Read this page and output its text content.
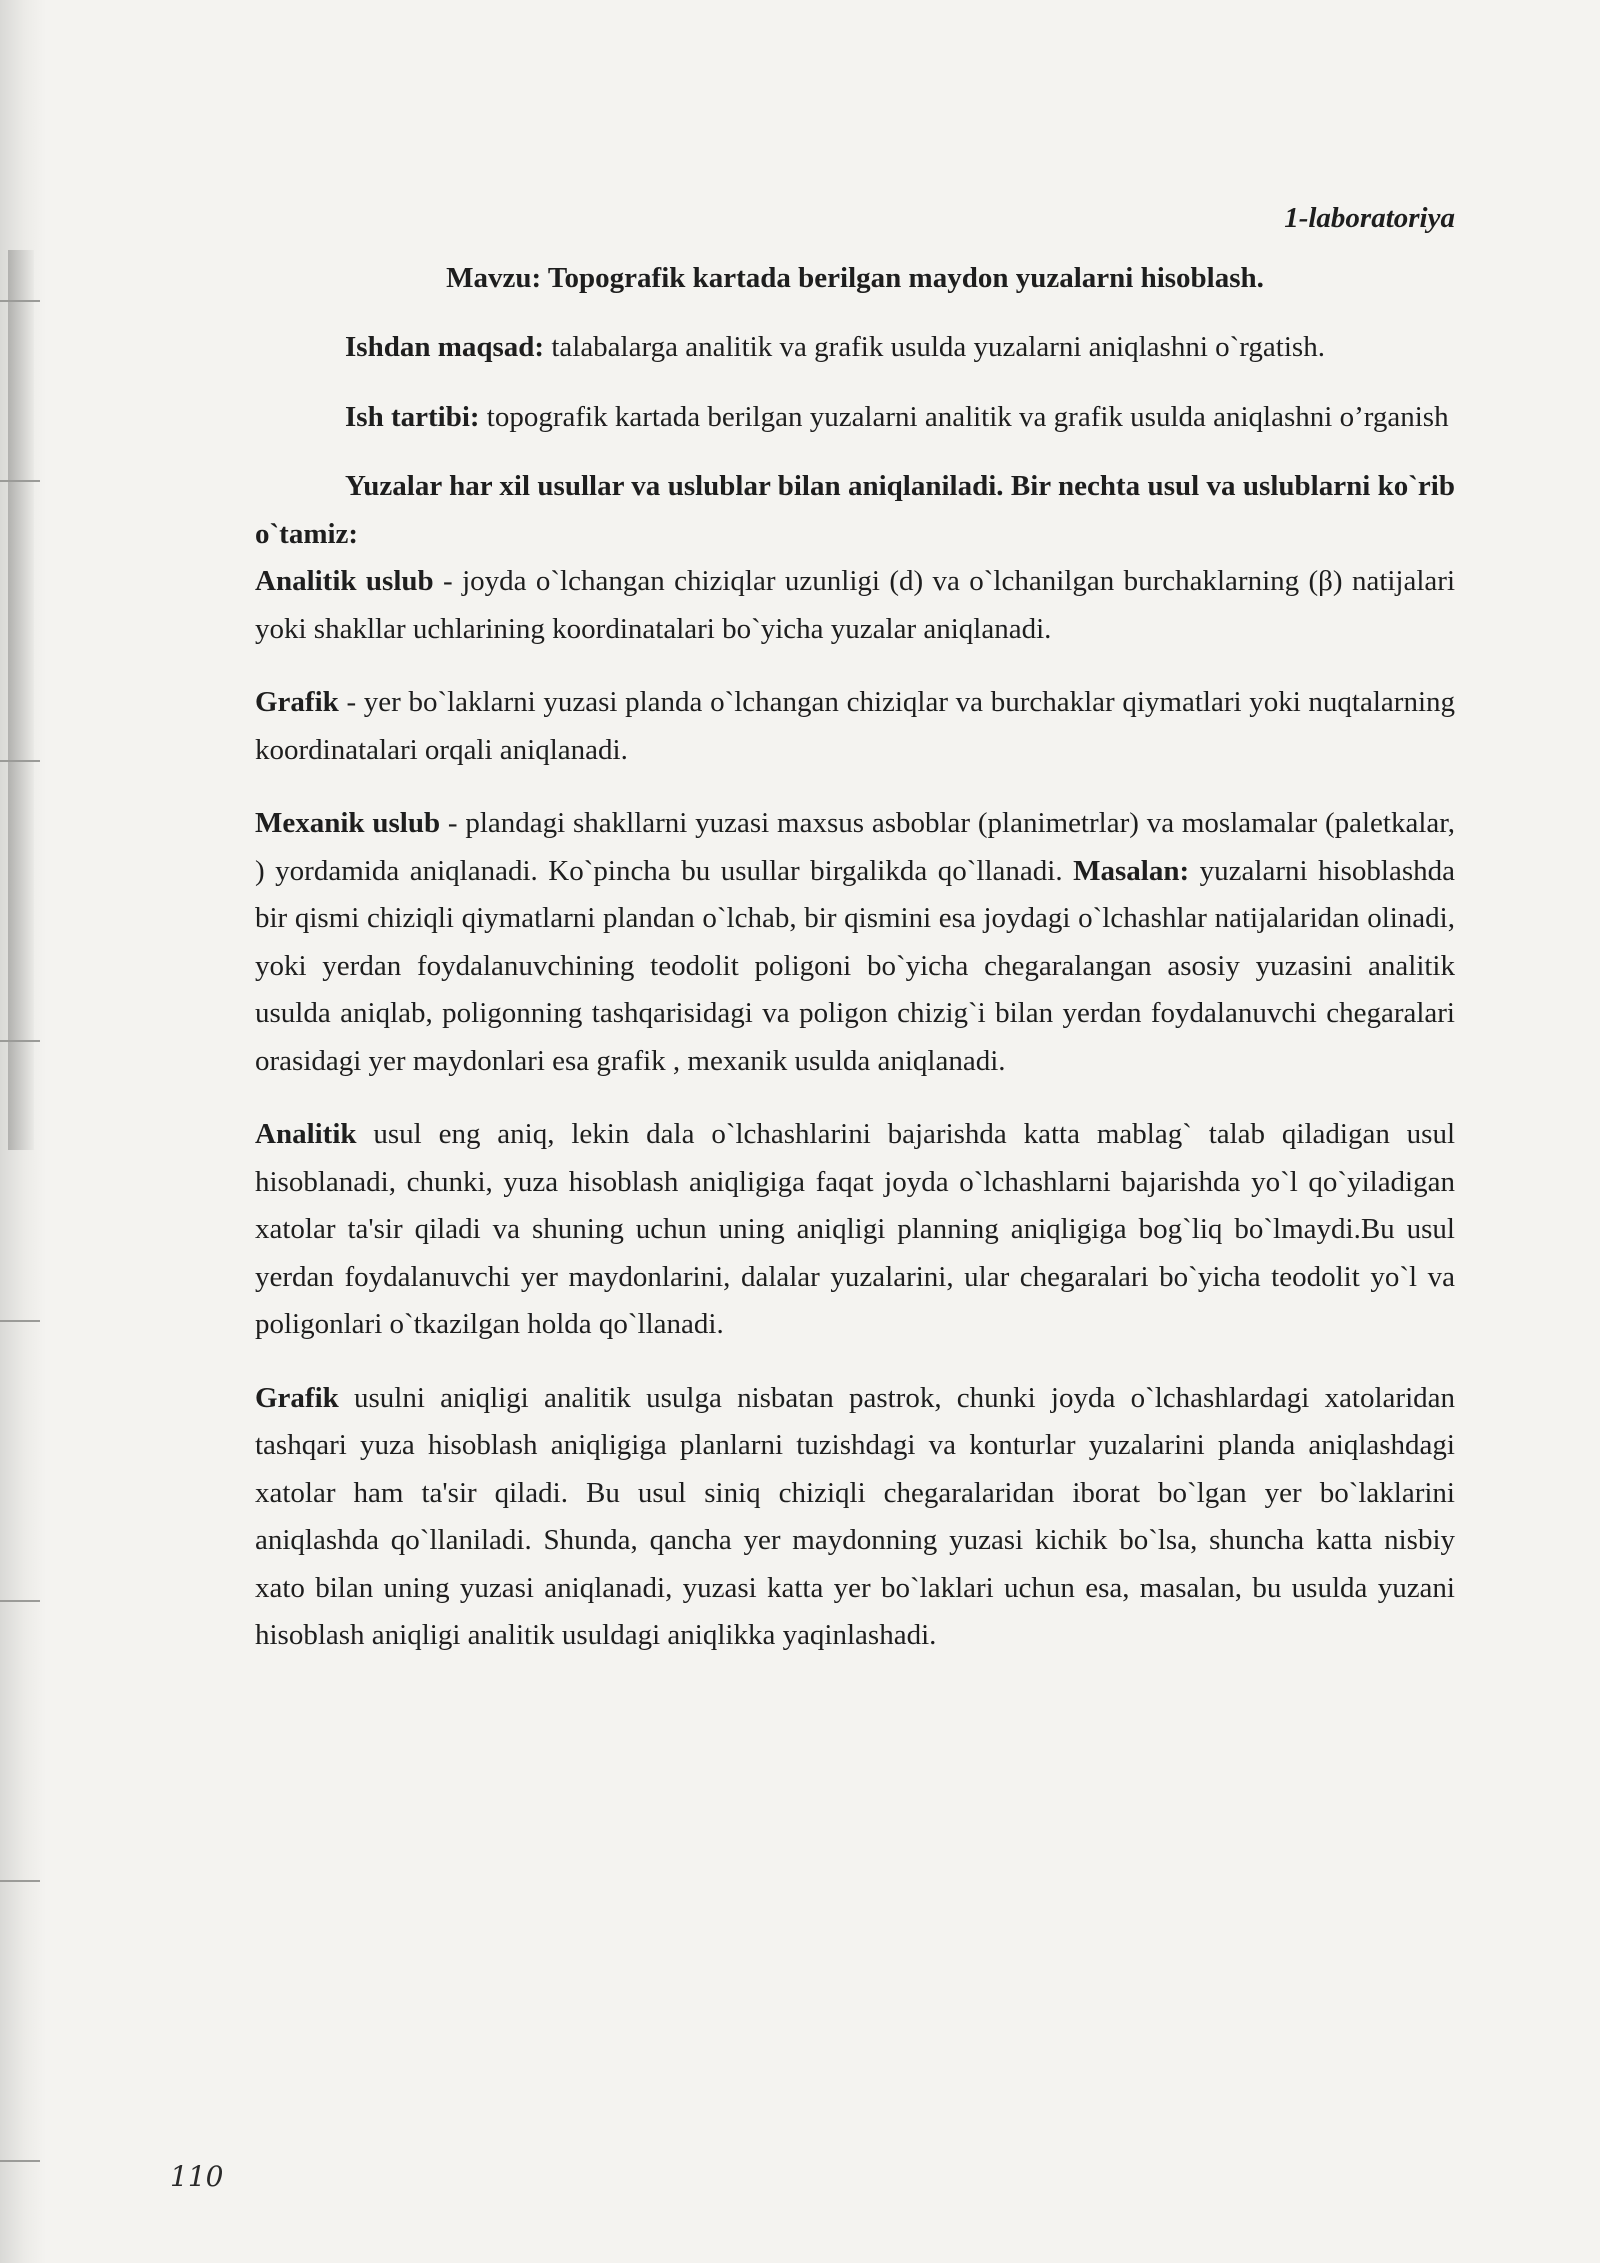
1-laboratoriya

Mavzu: Topografik kartada berilgan maydon yuzalarni hisoblash.

Ishdan maqsad: talabalarga analitik va grafik usulda yuzalarni aniqlashni o`rgatish.

Ish tartibi: topografik kartada berilgan yuzalarni analitik va grafik usulda aniqlashni o’rganish

Yuzalar har xil usullar va uslublar bilan aniqlaniladi. Bir nechta usul va uslublarni ko`rib o`tamiz:

Analitik uslub - joyda o`lchangan chiziqlar uzunligi (d) va o`lchanilgan burchaklarning (β) natijalari yoki shakllar uchlarining koordinatalari bo`yicha yuzalar aniqlanadi.

Grafik - yer bo`laklarni yuzasi planda o`lchangan chiziqlar va burchaklar qiymatlari yoki nuqtalarning koordinatalari orqali aniqlanadi.

Mexanik uslub - plandagi shakllarni yuzasi maxsus asboblar (planimetrlar) va moslamalar (paletkalar, ) yordamida aniqlanadi. Ko`pincha bu usullar birgalikda qo`llanadi. Masalan: yuzalarni hisoblashda bir qismi chiziqli qiymatlarni plandan o`lchab, bir qismini esa joydagi o`lchashlar natijalaridan olinadi, yoki yerdan foydalanuvchining teodolit poligoni bo`yicha chegaralangan asosiy yuzasini analitik usulda aniqlab, poligonning tashqarisidagi va poligon chizig`i bilan yerdan foydalanuvchi chegaralari orasidagi yer maydonlari esa grafik , mexanik usulda aniqlanadi.

Analitik usul eng aniq, lekin dala o`lchashlarini bajarishda katta mablag` talab qiladigan usul hisoblanadi, chunki, yuza hisoblash aniqligiga faqat joyda o`lchashlarni bajarishda yo`l qo`yiladigan xatolar ta'sir qiladi va shuning uchun uning aniqligi planning aniqligiga bog`liq bo`lmaydi.Bu usul yerdan foydalanuvchi yer maydonlarini, dalalar yuzalarini, ular chegaralari bo`yicha teodolit yo`l va poligonlari o`tkazilgan holda qo`llanadi.

Grafik usulni aniqligi analitik usulga nisbatan pastrok, chunki joyda o`lchashlardagi xatolaridan tashqari yuza hisoblash aniqligiga planlarni tuzishdagi va konturlar yuzalarini planda aniqlashdagi xatolar ham ta'sir qiladi. Bu usul siniq chiziqli chegaralaridan iborat bo`lgan yer bo`laklarini aniqlashda qo`llaniladi. Shunda, qancha yer maydonning yuzasi kichik bo`lsa, shuncha katta nisbiy xato bilan uning yuzasi aniqlanadi, yuzasi katta yer bo`laklari uchun esa, masalan, bu usulda yuzani hisoblash aniqligi analitik usuldagi aniqlikka yaqinlashadi.

110
